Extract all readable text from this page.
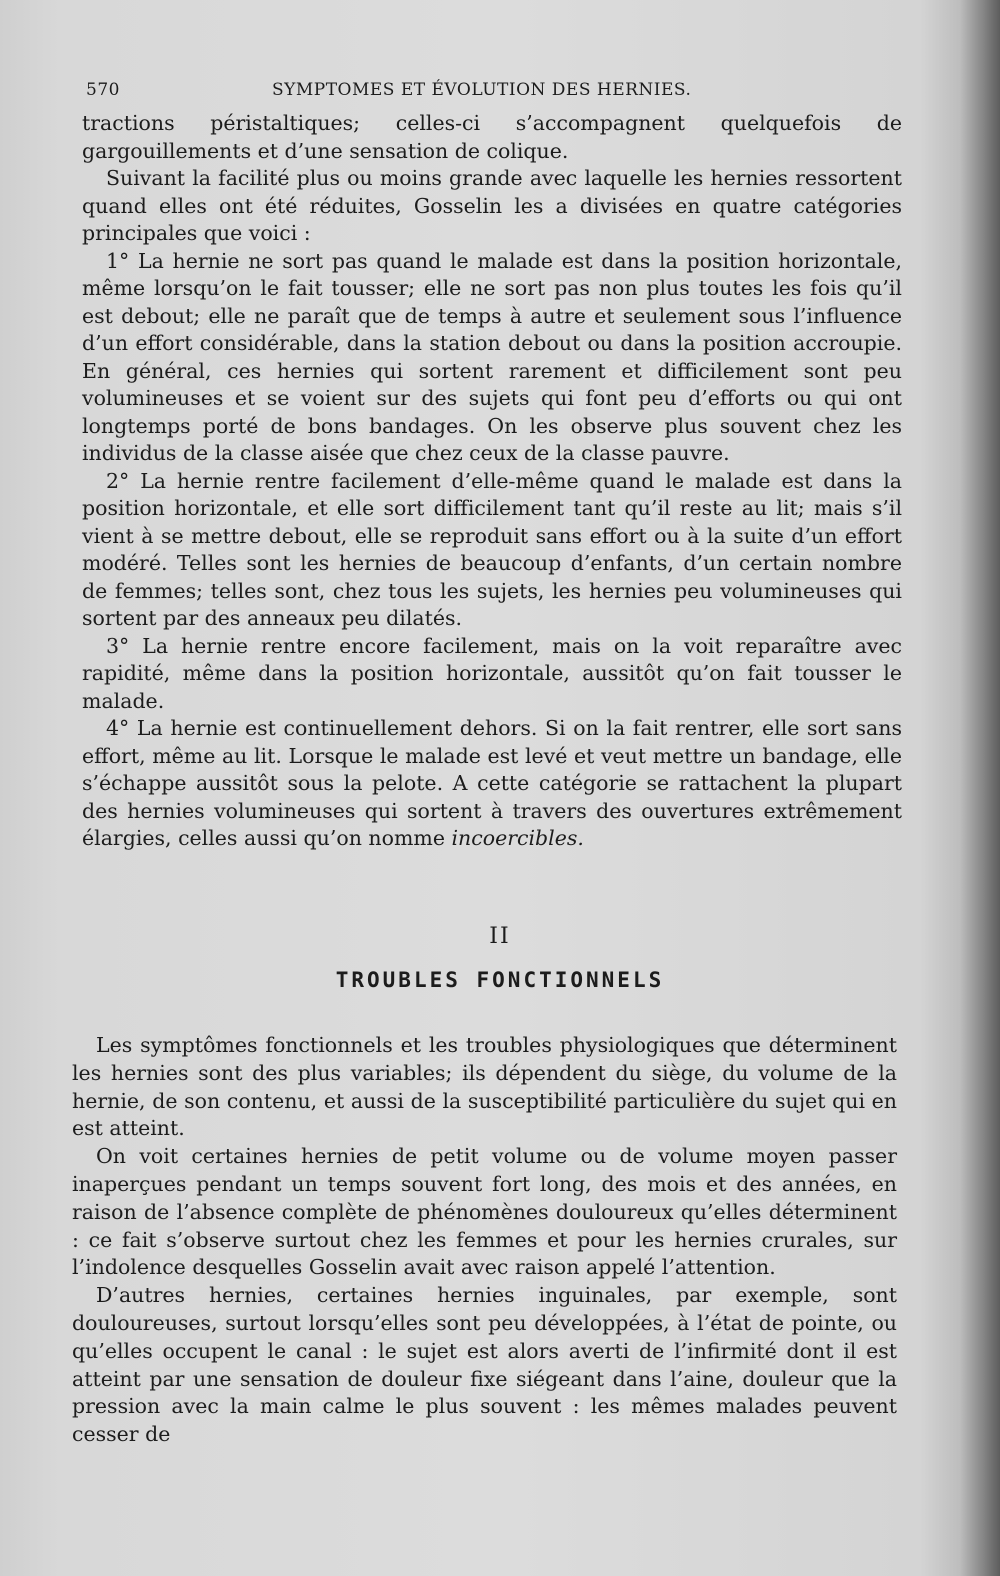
570	SYMPTOMES ET ÉVOLUTION DES HERNIES.

tractions péristaltiques; celles-ci s’accompagnent quelquefois de gargouillements et d’une sensation de colique.

Suivant la facilité plus ou moins grande avec laquelle les hernies ressortent quand elles ont été réduites, Gosselin les a divisées en quatre catégories principales que voici :

1° La hernie ne sort pas quand le malade est dans la position horizontale, même lorsqu’on le fait tousser; elle ne sort pas non plus toutes les fois qu’il est debout; elle ne paraît que de temps à autre et seulement sous l’influence d’un effort considérable, dans la station debout ou dans la position accroupie. En général, ces hernies qui sortent rarement et difficilement sont peu volumineuses et se voient sur des sujets qui font peu d’efforts ou qui ont longtemps porté de bons bandages. On les observe plus souvent chez les individus de la classe aisée que chez ceux de la classe pauvre.

2° La hernie rentre facilement d’elle-même quand le malade est dans la position horizontale, et elle sort difficilement tant qu’il reste au lit; mais s’il vient à se mettre debout, elle se reproduit sans effort ou à la suite d’un effort modéré. Telles sont les hernies de beaucoup d’enfants, d’un certain nombre de femmes; telles sont, chez tous les sujets, les hernies peu volumineuses qui sortent par des anneaux peu dilatés.

3° La hernie rentre encore facilement, mais on la voit reparaître avec rapidité, même dans la position horizontale, aussitôt qu’on fait tousser le malade.

4° La hernie est continuellement dehors. Si on la fait rentrer, elle sort sans effort, même au lit. Lorsque le malade est levé et veut mettre un bandage, elle s’échappe aussitôt sous la pelote. A cette catégorie se rattachent la plupart des hernies volumineuses qui sortent à travers des ouvertures extrêmement élargies, celles aussi qu’on nomme incoercibles.

II
TROUBLES FONCTIONNELS

Les symptômes fonctionnels et les troubles physiologiques que déterminent les hernies sont des plus variables; ils dépendent du siège, du volume de la hernie, de son contenu, et aussi de la susceptibilité particulière du sujet qui en est atteint.

On voit certaines hernies de petit volume ou de volume moyen passer inaperçues pendant un temps souvent fort long, des mois et des années, en raison de l’absence complète de phénomènes douloureux qu’elles déterminent : ce fait s’observe surtout chez les femmes et pour les hernies crurales, sur l’indolence desquelles Gosselin avait avec raison appelé l’attention.

D’autres hernies, certaines hernies inguinales, par exemple, sont douloureuses, surtout lorsqu’elles sont peu développées, à l’état de pointe, ou qu’elles occupent le canal : le sujet est alors averti de l’infirmité dont il est atteint par une sensation de douleur fixe siégeant dans l’aine, douleur que la pression avec la main calme le plus souvent : les mêmes malades peuvent cesser de
